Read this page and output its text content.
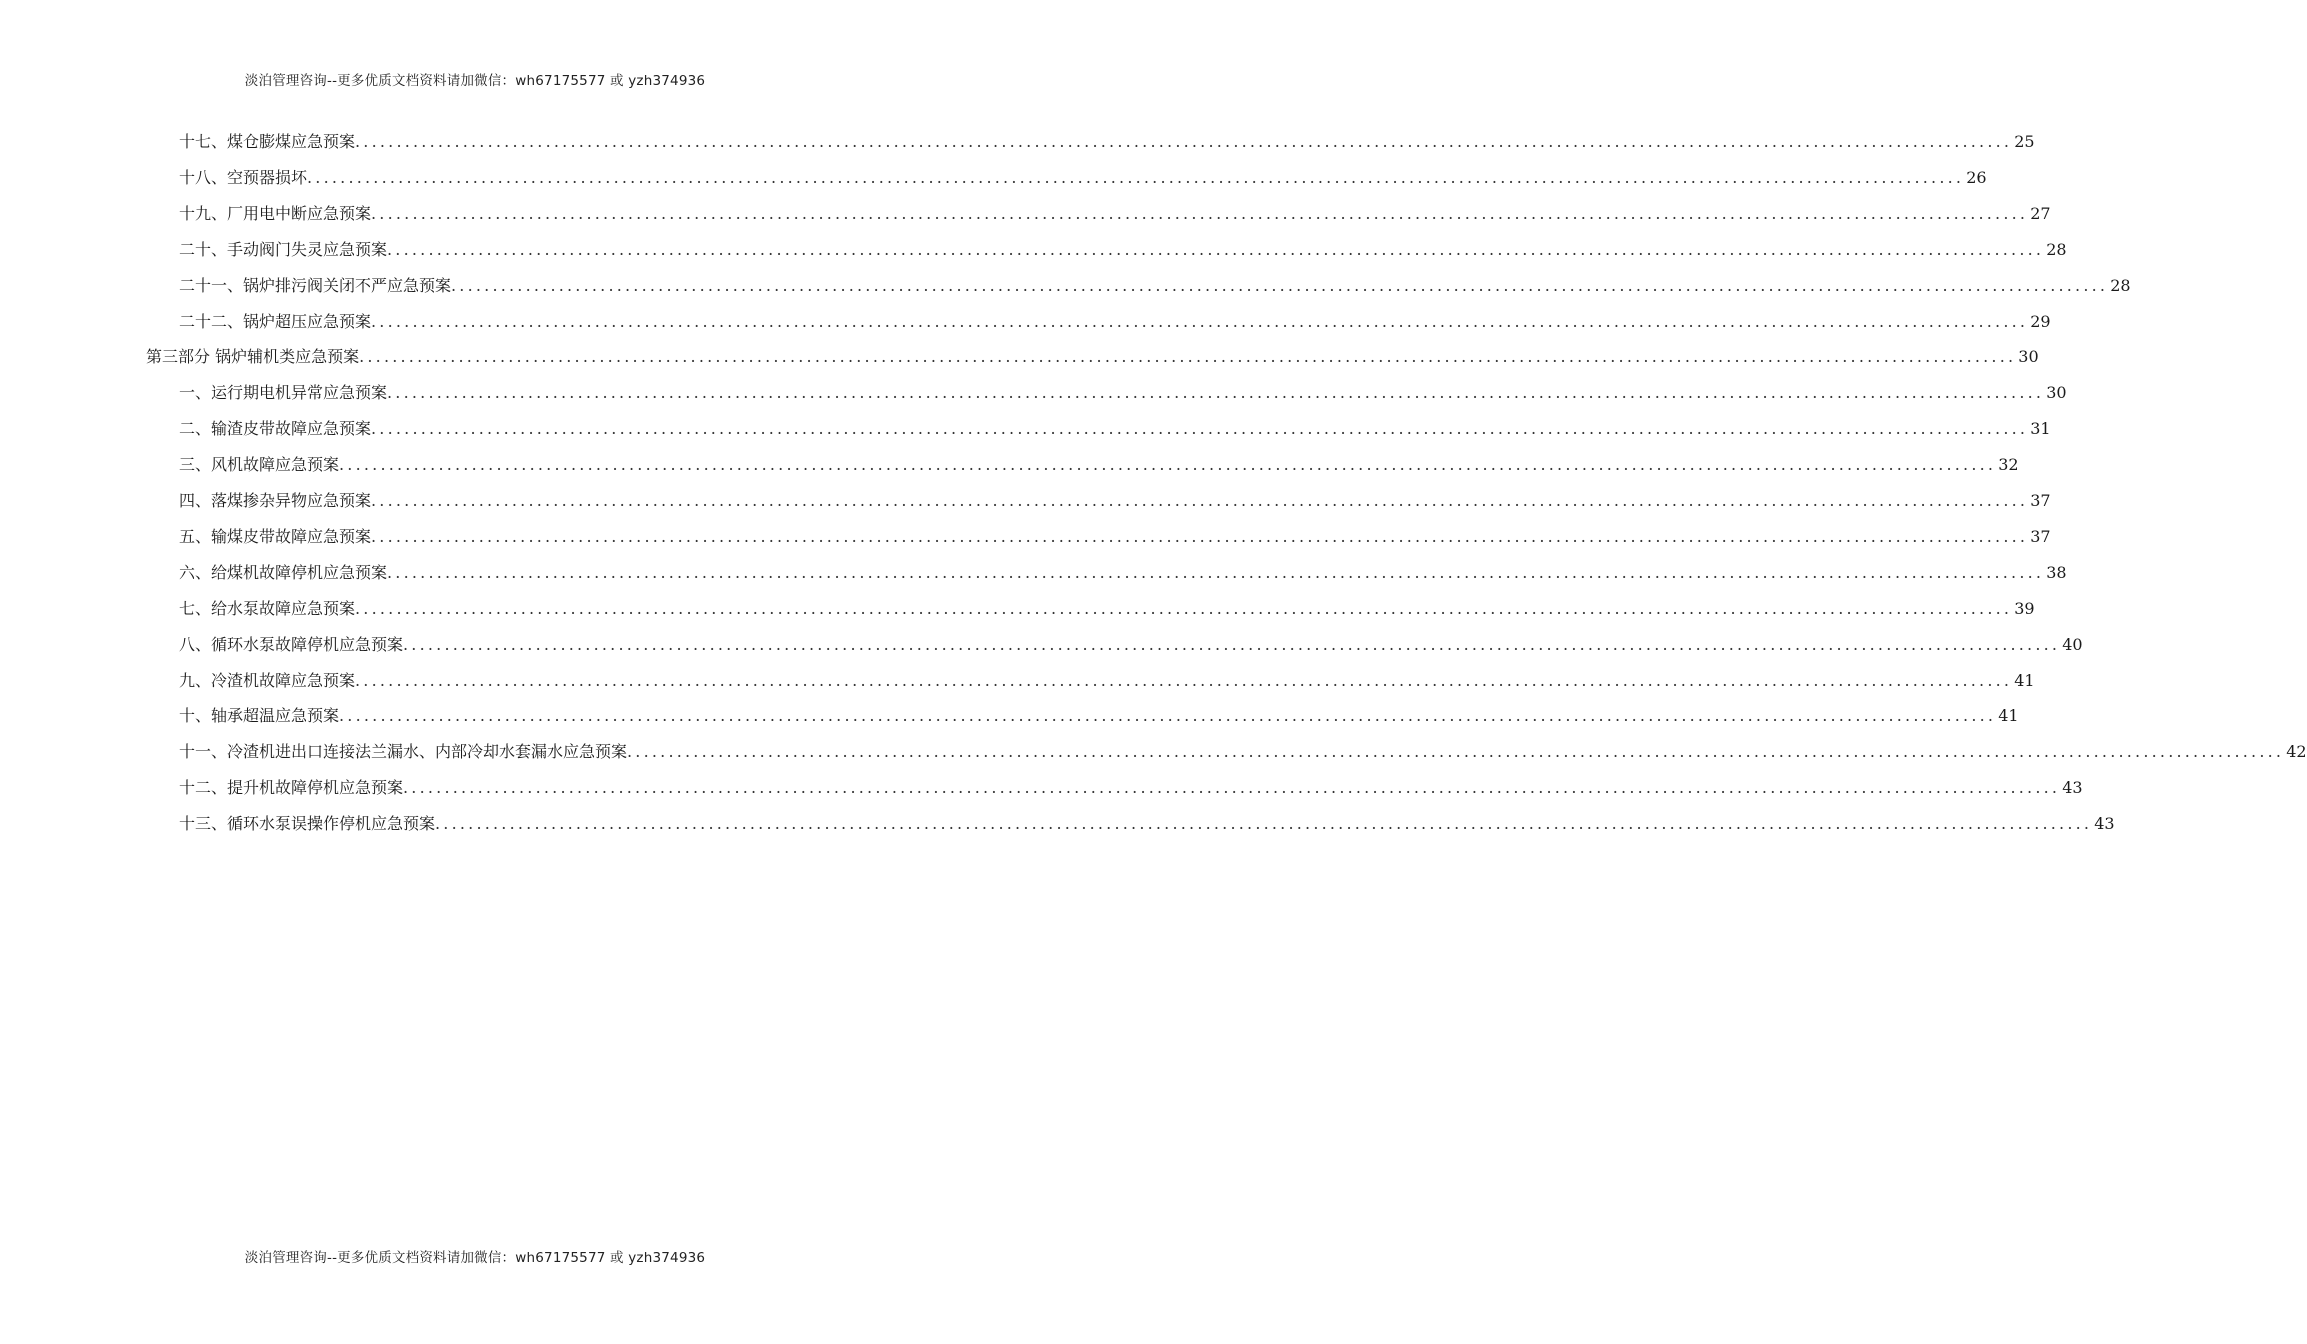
淡泊管理咨询--更多优质文档资料请加微信：wh67175577 或 yzh374936
十七、煤仓膨煤应急预案 ........................................................................................................................................................................................................ 25
十八、空预器损坏 ........................................................................................................................................................................................................ 26
十九、厂用电中断应急预案 ........................................................................................................................................................................................................ 27
二十、手动阀门失灵应急预案 ........................................................................................................................................................................................................ 28
二十一、锅炉排污阀关闭不严应急预案 ........................................................................................................................................................................................................ 28
二十二、锅炉超压应急预案 ........................................................................................................................................................................................................ 29
第三部分 锅炉辅机类应急预案 ........................................................................................................................................................................................................ 30
一、运行期电机异常应急预案 ........................................................................................................................................................................................................ 30
二、输渣皮带故障应急预案 ........................................................................................................................................................................................................ 31
三、风机故障应急预案 ........................................................................................................................................................................................................ 32
四、落煤掺杂异物应急预案 ........................................................................................................................................................................................................ 37
五、输煤皮带故障应急预案 ........................................................................................................................................................................................................ 37
六、给煤机故障停机应急预案 ........................................................................................................................................................................................................ 38
七、给水泵故障应急预案 ........................................................................................................................................................................................................ 39
八、循环水泵故障停机应急预案 ........................................................................................................................................................................................................ 40
九、冷渣机故障应急预案 ........................................................................................................................................................................................................ 41
十、轴承超温应急预案 ........................................................................................................................................................................................................ 41
十一、冷渣机进出口连接法兰漏水、内部冷却水套漏水应急预案 ........................................................................................................................................................................................................ 42
十二、提升机故障停机应急预案 ........................................................................................................................................................................................................ 43
十三、循环水泵误操作停机应急预案 ........................................................................................................................................................................................................ 43
淡泊管理咨询--更多优质文档资料请加微信：wh67175577 或 yzh374936
